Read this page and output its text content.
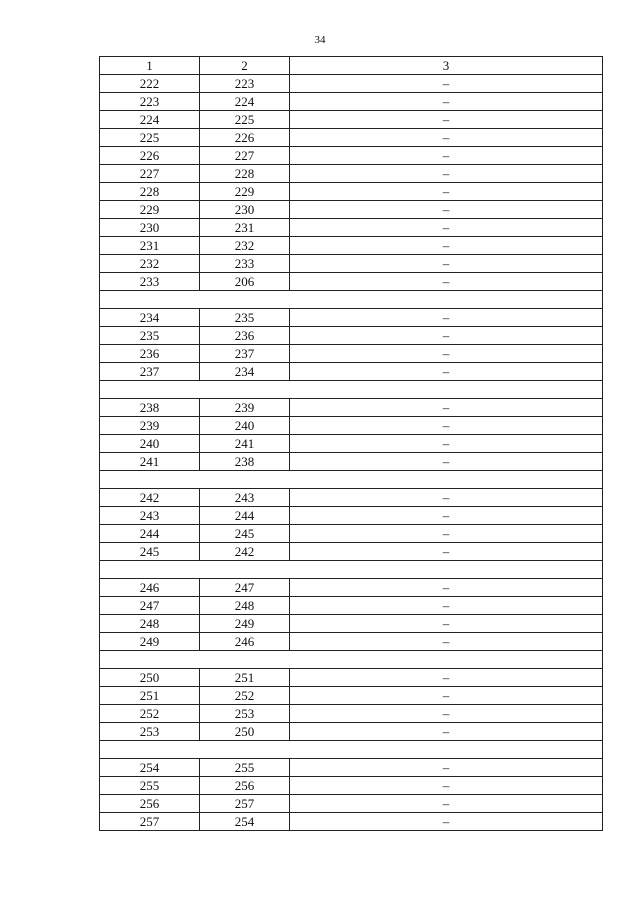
34
1	2	3
222	223	–
223	224	–
224	225	–
225	226	–
226	227	–
227	228	–
228	229	–
229	230	–
230	231	–
231	232	–
232	233	–
233	206	–

234	235	–
235	236	–
236	237	–
237	234	–

238	239	–
239	240	–
240	241	–
241	238	–

242	243	–
243	244	–
244	245	–
245	242	–

246	247	–
247	248	–
248	249	–
249	246	–

250	251	–
251	252	–
252	253	–
253	250	–

254	255	–
255	256	–
256	257	–
257	254	–
